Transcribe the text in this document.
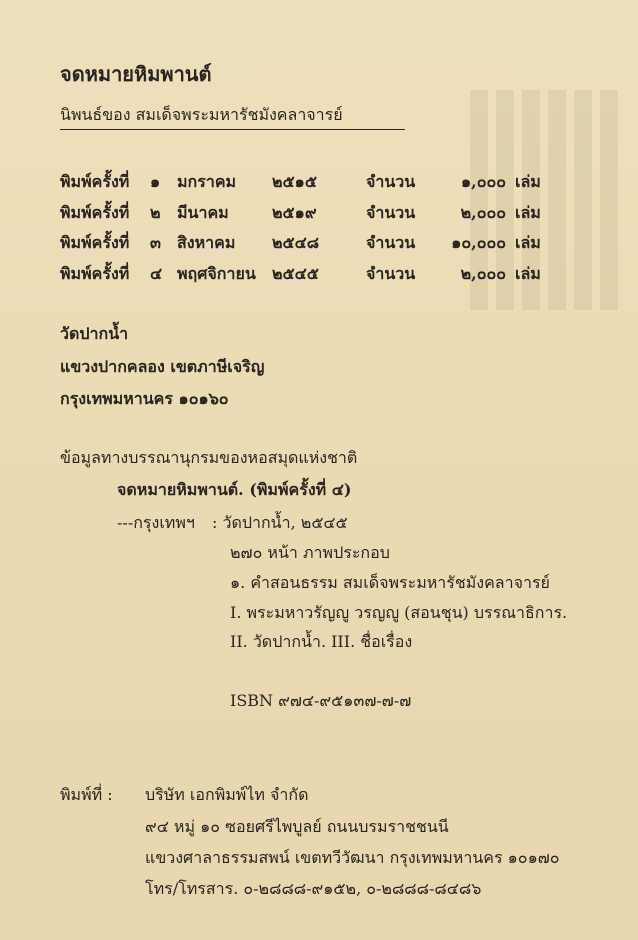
จดหมายหิมพานต์
นิพนธ์ของ สมเด็จพระมหารัชมังคลาจารย์
พิมพ์ครั้งที่ ๑ มกราคม ๒๕๑๕	จำนวน	๑,๐๐๐ เล่ม
พิมพ์ครั้งที่ ๒ มีนาคม	๒๕๑๙	จำนวน	๒,๐๐๐ เล่ม
พิมพ์ครั้งที่ ๓ สิงหาคม ๒๕๔๘	จำนวน	๑๐,๐๐๐ เล่ม
พิมพ์ครั้งที่ ๔ พฤศจิกายน ๒๕๔๕	จำนวน	๒,๐๐๐ เล่ม
วัดปากน้ำ
แขวงปากคลอง เขตภาษีเจริญ
กรุงเทพมหานคร ๑๐๑๖๐
ข้อมูลทางบรรณานุกรมของหอสมุดแห่งชาติ
จดหมายหิมพานต์. (พิมพ์ครั้งที่ ๔)
---กรุงเทพฯ : วัดปากน้ำ, ๒๕๔๕
๒๗๐ หน้า ภาพประกอบ
๑. คำสอนธรรม สมเด็จพระมหารัชมังคลาจารย์
I. พระมหาวรัญญู วรญญู (สอนชุน) บรรณาธิการ.
II. วัดปากน้ำ. III. ชื่อเรื่อง
ISBN ๙๗๔-๙๕๑๓๗-๗-๗
พิมพ์ที่ : บริษัท เอกพิมพ์ไท จำกัด
๙๔ หมู่ ๑๐ ซอยศรีไพบูลย์ ถนนบรมราชชนนี
แขวงศาลาธรรมสพน์ เขตทวีวัฒนา กรุงเทพมหานคร ๑๐๑๗๐
โทร/โทรสาร. ๐-๒๘๘๘-๙๑๕๒, ๐-๒๘๘๘-๘๔๘๖
